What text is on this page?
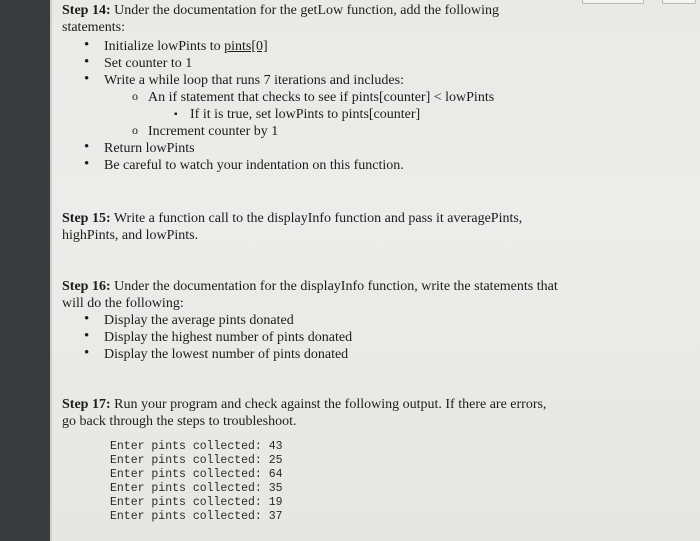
Step 14: Under the documentation for the getLow function, add the following
statements:
• Initialize lowPints to pints[0]
• Set counter to 1
• Write a while loop that runs 7 iterations and includes:
o An if statement that checks to see if pints[counter] < lowPints
▪ If it is true, set lowPints to pints[counter]
o Increment counter by 1
• Return lowPints
• Be careful to watch your indentation on this function.
Step 15: Write a function call to the displayInfo function and pass it averagePints,
highPints, and lowPints.
Step 16: Under the documentation for the displayInfo function, write the statements that
will do the following:
• Display the average pints donated
• Display the highest number of pints donated
• Display the lowest number of pints donated
Step 17: Run your program and check against the following output. If there are errors,
go back through the steps to troubleshoot.
Enter pints collected: 43
Enter pints collected: 25
Enter pints collected: 64
Enter pints collected: 35
Enter pints collected: 19
Enter pints collected: 37
